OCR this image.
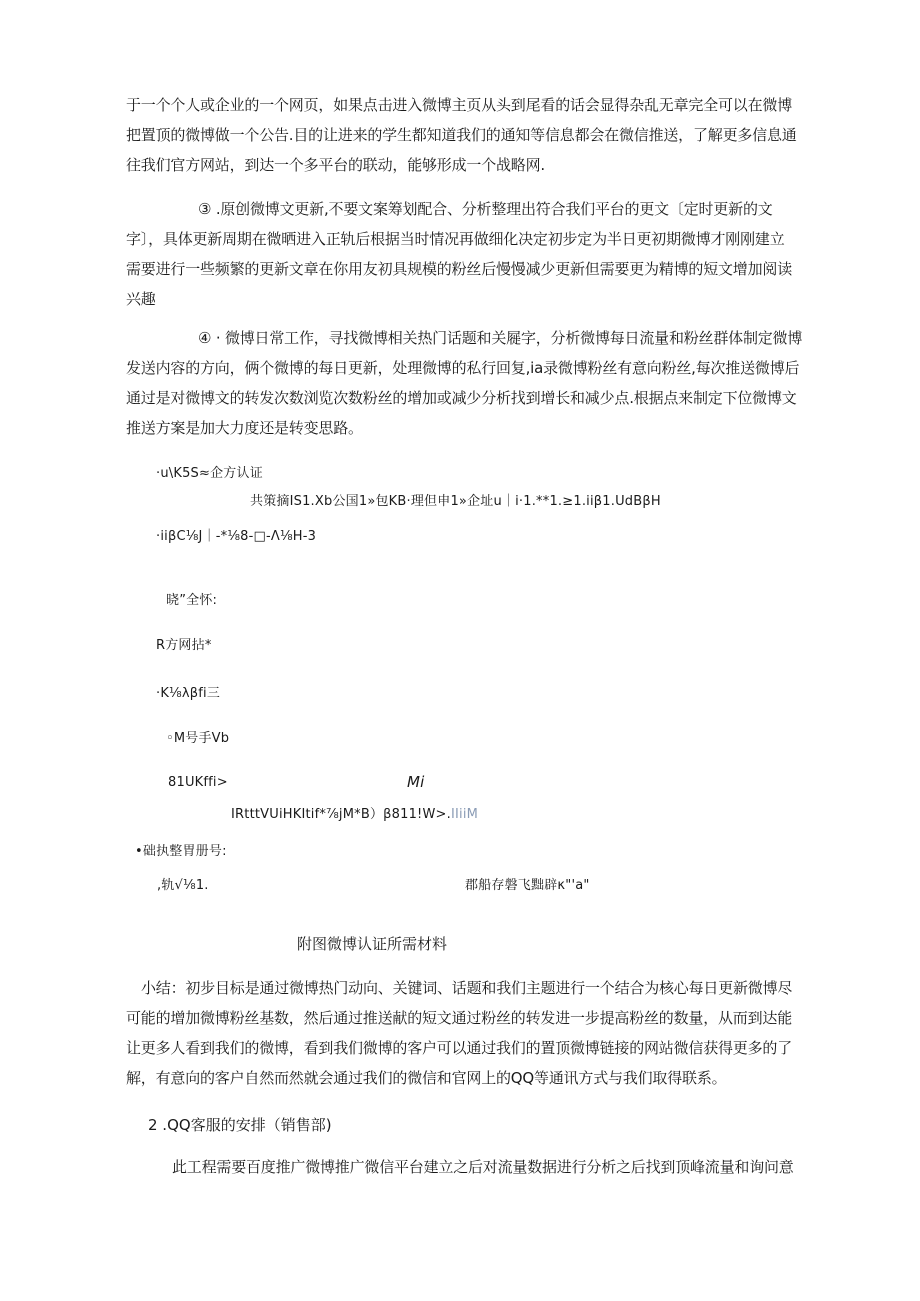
于一个个人或企业的一个网页，如果点击进入微博主页从头到尾看的话会显得杂乱无章完全可以在微博
把置顶的微博做一个公告.目的让进来的学生都知道我们的通知等信息都会在微信推送，了解更多信息通
往我们官方网站，到达一个多平台的联动，能够形成一个战略网.
③ .原创微博文更新,不要文案筹划配合、分析整理出符合我们平台的更文〔定时更新的文
字〕，具体更新周期在微晒进入正轨后根据当时情况再做细化决定初步定为半日更初期微博才刚刚建立
需要进行一些频繁的更新文章在你用友初具规模的粉丝后慢慢减少更新但需要更为精博的短文增加阅读
兴趣
④ · 微博日常工作，寻找微博相关热门话题和关屣字，分析微博每日流量和粉丝群体制定微博
发送内容的方向，俩个微博的每日更新，处理微博的私行回复,ia录微博粉丝有意向粉丝,每次推送微博后
通过是对微博文的转发次数浏览次数粉丝的增加或减少分析找到增长和减少点.根据点来制定下位微博文
推送方案是加大力度还是转变思路。

·u\K5S≈企方认证

共策摘IS1.Xb公国1»包KB·理但申1»企址u｜i·1.**1.≥1.iiβ1.UdBβH

·iiβC⅛J｜-*⅛8-□-Λ⅛H-3

晓”全怀:

R方网拈*

·K⅛λβfi三

◦M号手Vb

81UKffi>	Mi

IRtttVUiHKItif*⅞jM*B）β811!W>.IIiiM

•础执整胃册号:

,轨√⅛1.	郡船存磐飞黜辟κ"'a"

附图微博认证所需材料

小结：初步目标是通过微博热门动向、关键词、话题和我们主题进行一个结合为核心每日更新微博尽
可能的增加微博粉丝基数，然后通过推送献的短文通过粉丝的转发进一步提高粉丝的数量，从而到达能
让更多人看到我们的微博，看到我们微博的客户可以通过我们的置顶微博链接的网站微信获得更多的了
解，有意向的客户自然而然就会通过我们的微信和官网上的QQ等通讯方式与我们取得联系。

2 .QQ客服的安排（销售部)

此工程需要百度推广微博推广微信平台建立之后对流量数据进行分析之后找到顶峰流量和询问意
